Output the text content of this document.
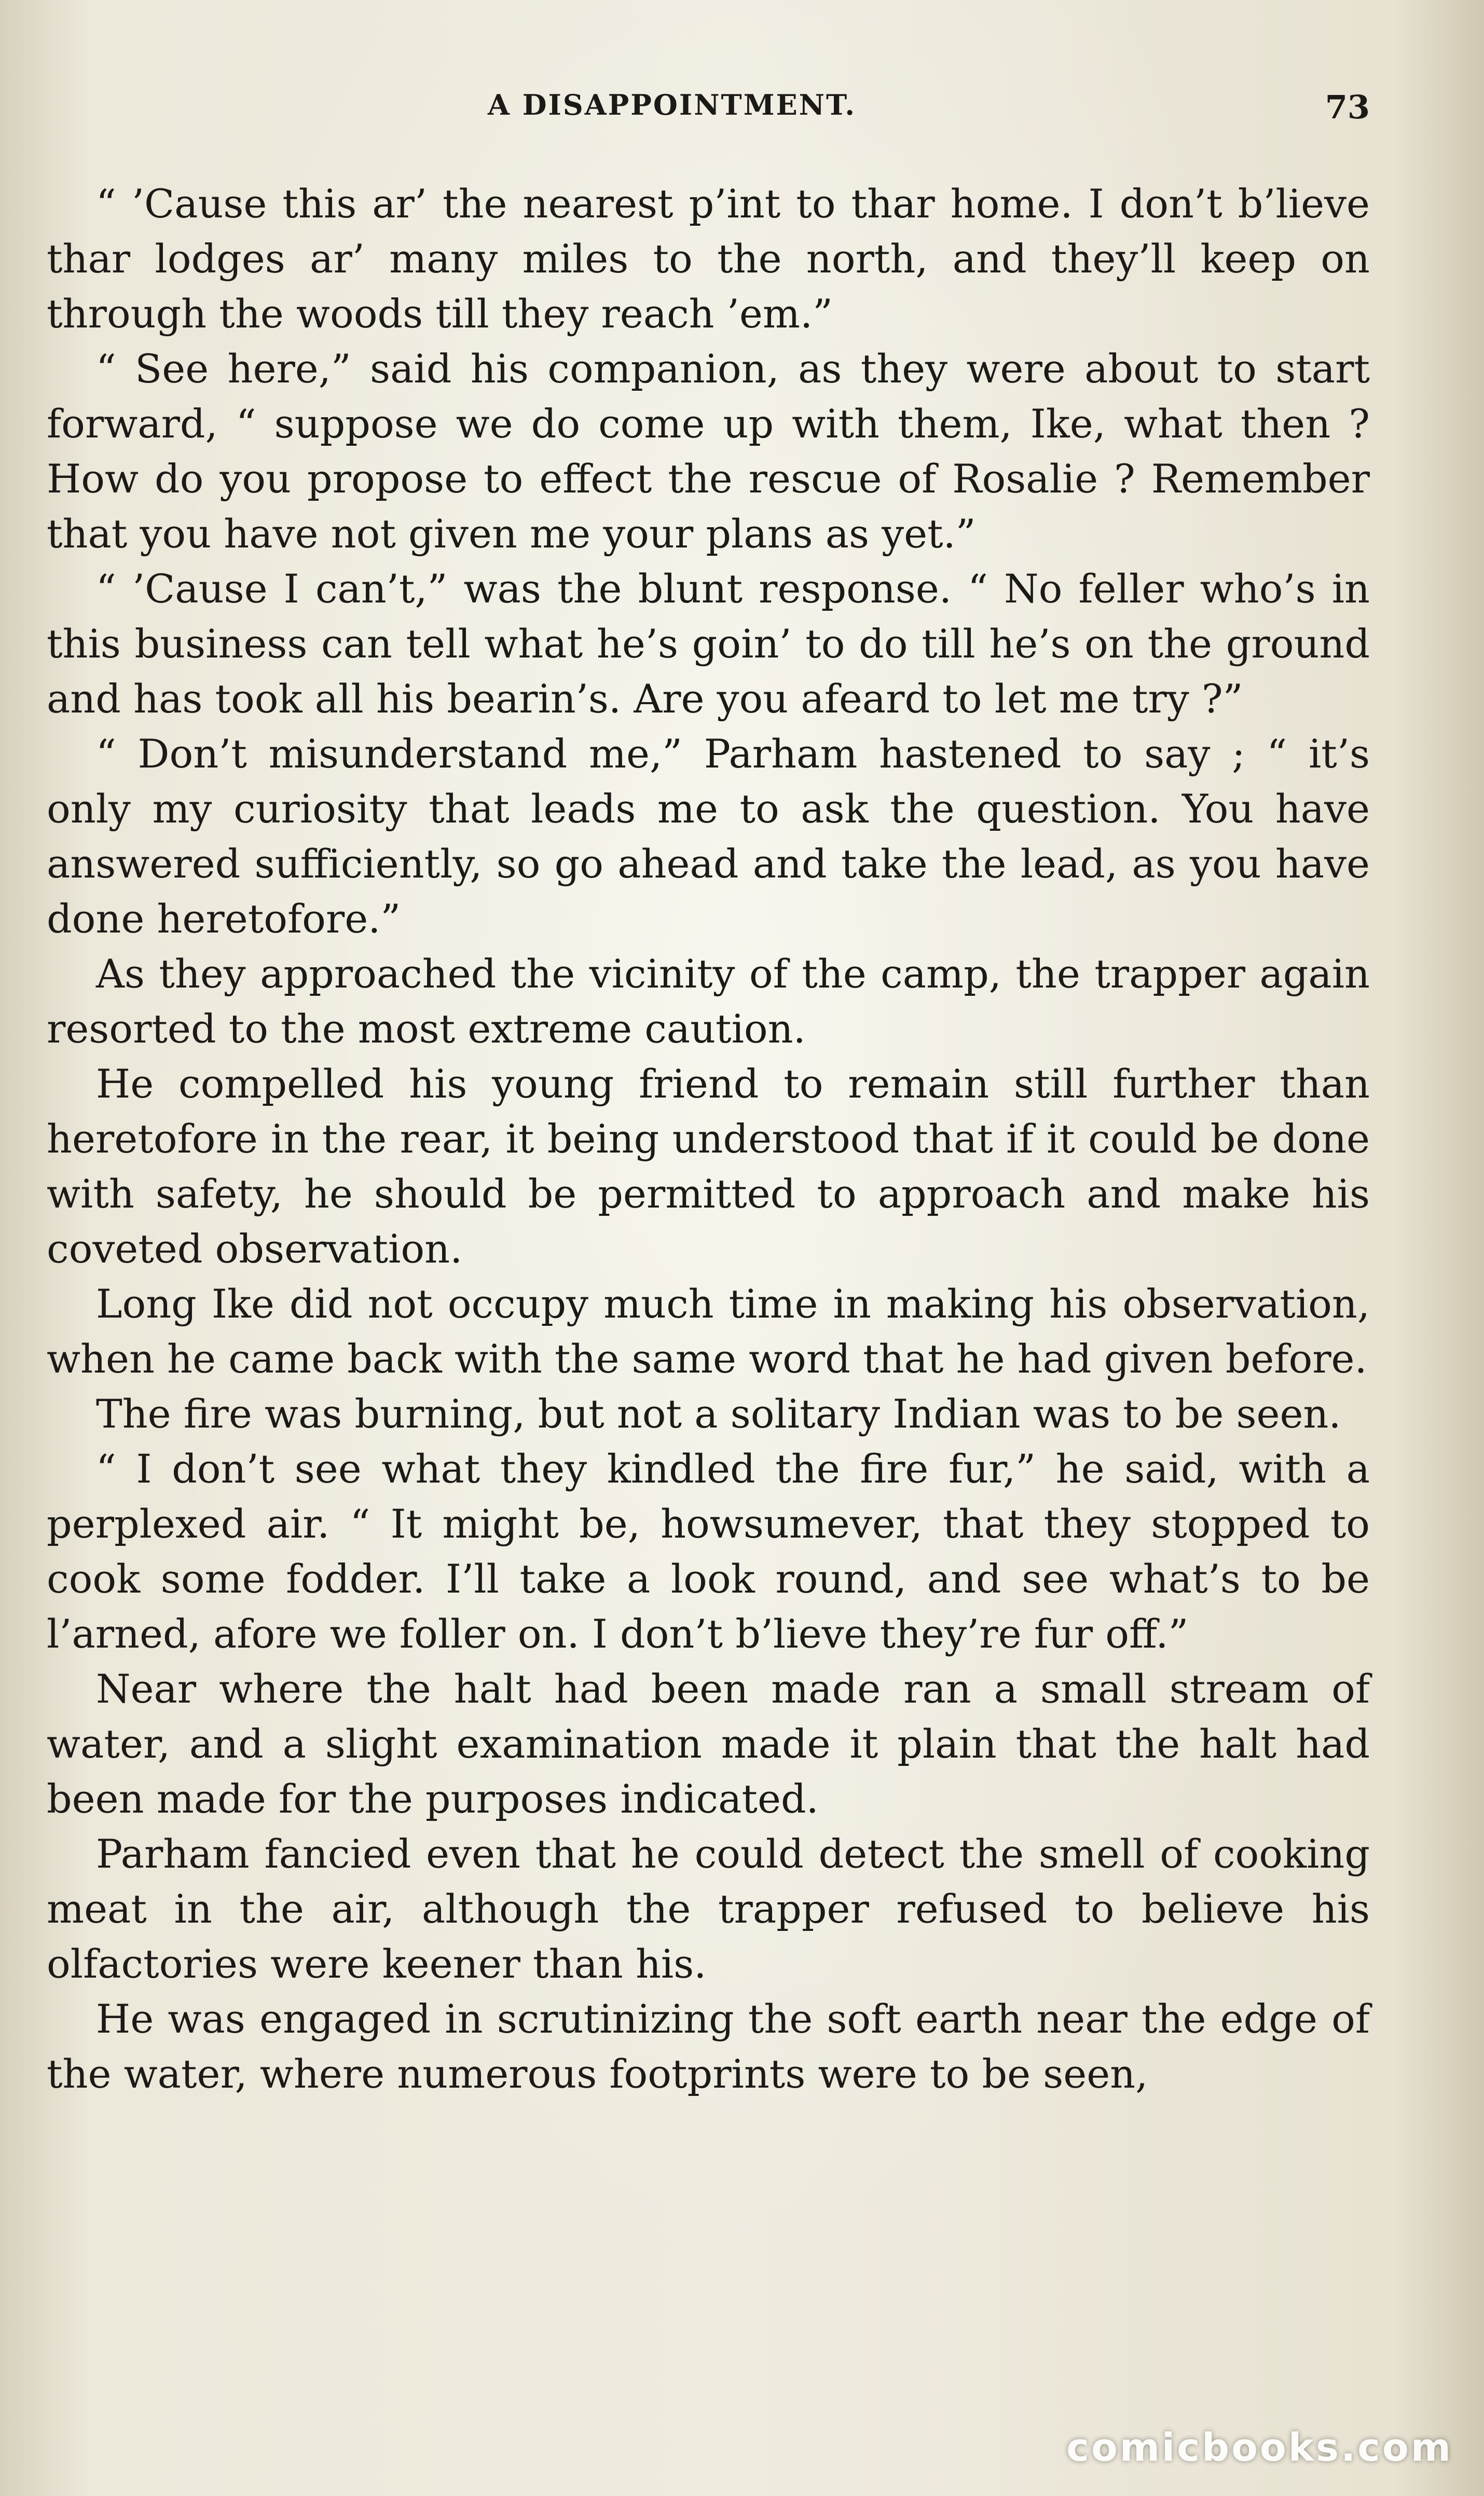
A DISAPPOINTMENT.	73

“ ’Cause this ar’ the nearest p’int to thar home. I don’t b’lieve thar lodges ar’ many miles to the north, and they’ll keep on through the woods till they reach ’em.”

“ See here,” said his companion, as they were about to start forward, “ suppose we do come up with them, Ike, what then ? How do you propose to effect the rescue of Rosalie ? Remember that you have not given me your plans as yet.”

“ ’Cause I can’t,” was the blunt response. “ No feller who’s in this business can tell what he’s goin’ to do till he’s on the ground and has took all his bearin’s. Are you afeard to let me try ?”

“ Don’t misunderstand me,” Parham hastened to say ; “ it’s only my curiosity that leads me to ask the question. You have answered sufficiently, so go ahead and take the lead, as you have done heretofore.”

As they approached the vicinity of the camp, the trapper again resorted to the most extreme caution.

He compelled his young friend to remain still further than heretofore in the rear, it being understood that if it could be done with safety, he should be permitted to approach and make his coveted observation.

Long Ike did not occupy much time in making his observation, when he came back with the same word that he had given before.

The fire was burning, but not a solitary Indian was to be seen.

“ I don’t see what they kindled the fire fur,” he said, with a perplexed air. “ It might be, howsumever, that they stopped to cook some fodder. I’ll take a look round, and see what’s to be l’arned, afore we foller on. I don’t b’lieve they’re fur off.”

Near where the halt had been made ran a small stream of water, and a slight examination made it plain that the halt had been made for the purposes indicated.

Parham fancied even that he could detect the smell of cooking meat in the air, although the trapper refused to believe his olfactories were keener than his.

He was engaged in scrutinizing the soft earth near the edge of the water, where numerous footprints were to be seen,

comicbooks.com
